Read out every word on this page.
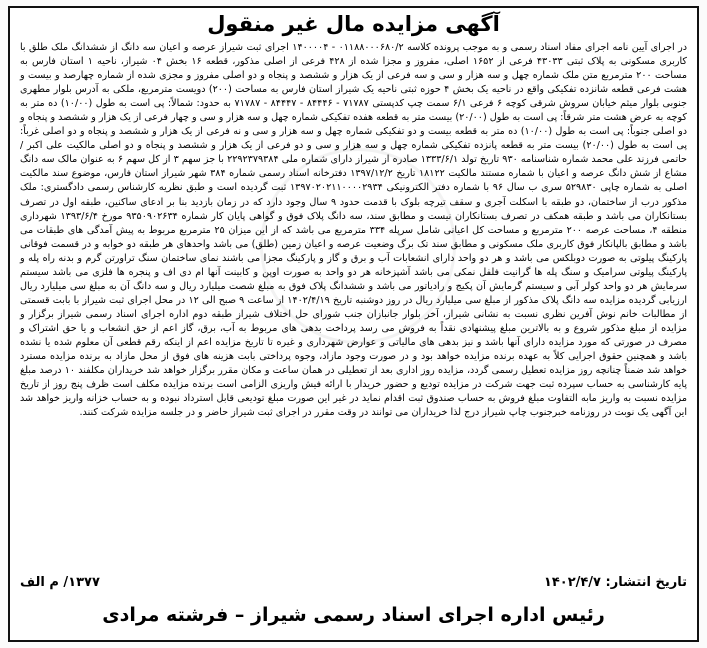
آگهی مزایده مال غیر منقول
در اجرای آیین نامه اجرای مفاد اسناد رسمی و به موجب پرونده کلاسه ۰۱۱۸۸۰۰۰۶۸۰/۲ - ۱۴۰۰۰۰۴ اجرای ثبت شیراز عرصه و اعیان سه دانگ از ششدانگ ملک طلق با کاربری مسکونی به پلاک ثبتی ۴۳۰۳۳ فرعی از ۱۶۵۲ اصلی، مفروز و مجزا شده از ۴۲۸ فرعی از اصلی مذکور، قطعه ۱۶ بخش ۰۴ شیراز، ناحیه ۱ استان فارس به مساحت ۲۰۰ مترمربع متن ملک شماره چهل و سه هزار و سی و سه فرعی از یک هزار و ششصد و پنجاه و دو اصلی مفروز و مجزی شده از شماره چهارصد و بیست و هشت فرعی قطعه شانزده تفکیکی واقع در ناحیه یک بخش ۴ حوزه ثبتی ناحیه یک شیراز استان فارس به مساحت (۲۰۰) دویست مترمربع، ملکی به آدرس بلوار مطهری جنوبی بلوار میثم خیابان سروش شرقی کوچه ۶ فرعی ۶/۱ سمت چپ کدپستی ۷۱۷۸۷ - ۸۴۴۴۶ - ۸۴۴۴۷ - ۷۱۷۸۷ به حدود: شمالاً: پی است به طول (۱۰/۰۰) ده متر به کوچه به عرض هشت متر شرقاً: پی است به طول (۲۰/۰۰) بیست متر به قطعه هفده تفکیکی شماره چهل و سه هزار و سی و چهار فرعی از یک هزار و ششصد و پنجاه و دو اصلی جنوباً: پی است به طول (۱۰/۰۰) ده متر به قطعه بیست و دو تفکیکی شماره چهل و سه هزار و سی و نه فرعی از یک هزار و ششصد و پنجاه و دو اصلی غرباً: پی است به طول (۲۰/۰۰) بیست متر به قطعه پانزده تفکیکی شماره چهل و سه هزار و سی و دو فرعی از یک هزار و ششصد و پنجاه و دو اصلی مالکیت علی اکبر / حاتمی فرزند علی محمد شماره شناسنامه ۹۳۰ تاریخ تولد ۱۳۳۳/۶/۱ صادره از شیراز دارای شماره ملی ۲۲۹۲۳۷۹۳۸۴ با جز سهم ۳ از کل سهم ۶ به عنوان مالک سه دانگ مشاع از شش دانگ عرصه و اعیان با شماره مستند مالکیت ۱۸۱۲۲ تاریخ ۱۳۹۷/۱۲/۲ دفترخانه اسناد رسمی شماره ۳۸۴ شهر شیراز استان فارس، موضوع سند مالکیت اصلی به شماره چاپی ۵۲۹۸۳۰ سری ب سال ۹۶ با شماره دفتر الکترونیکی ۱۳۹۷۰۲۰۲۱۱۰۰۰۰۲۹۳۴ ثبت گردیده است و طبق نظریه کارشناس رسمی دادگستری: ملک مذکور درب از ساختمان، دو طبقه با اسکلت آجری و سقف تیرچه بلوک با قدمت حدود ۹ سال وجود دارد که در زمان بازدید بنا بر ادعای ساکنین، طبقه اول در تصرف بستانکاران می باشد و طبقه همکف در تصرف بستانکاران نیست و مطابق سند، سه دانگ پلاک فوق و گواهی پایان کار شماره ۹۳۵۰۹۰۲۶۳۴ مورخ ۱۳۹۳/۶/۴ شهرداری منطقه ۴، مساحت عرصه ۲۰۰ مترمربع و مساحت کل اعیانی شامل سرپله ۳۳۴ مترمربع می باشد که از این میزان ۲۵ مترمربع مربوط به پیش آمدگی های طبقات می باشد و مطابق بالپانکار فوق کاربری ملک مسکونی و مطابق سند تک برگ وضعیت عرصه و اعیان زمین (طلق) می باشد واحدهای هر طبقه دو خوابه و در قسمت فوقانی پارکینگ پیلوتی به صورت دوبلکس می باشد و هر دو واحد دارای انشعابات آب و برق و گاز و پارکینگ مجزا می باشند نمای ساختمان سنگ تراورتن گرم و بدنه راه پله و پارکینگ پیلوتی سرامیک و سنگ پله ها گرانیت فلفل نمکی می باشد آشپزخانه هر دو واحد به صورت اوپن و کابینت آنها ام دی اف و پنجره ها فلزی می باشد سیستم سرمایش هر دو واحد کولر آبی و سیستم گرمایش آن پکیج و رادیاتور می باشد و ششدانگ پلاک فوق به مبلغ شصت میلیارد ریال و سه دانگ آن به مبلغ سی میلیارد ریال ارزیابی گردیده مزایده سه دانگ پلاک مذکور از مبلغ سی میلیارد ریال در روز دوشنبه تاریخ ۱۴۰۲/۴/۱۹ از ساعت ۹ صبح الی ۱۲ در محل اجرای ثبت شیراز با بابت قسمتی از مطالبات خانم نوش آفرین نظری نسبت به نشانی شیراز، آخر بلوار جانبازان جنب شورای حل اختلاف شیراز طبقه دوم اداره اجرای اسناد رسمی شیراز برگزار و مزایده از مبلغ مذکور شروع و به بالاترین مبلغ پیشنهادی نقداً به فروش می رسد پرداخت بدهی های مربوط به آب، برق، گاز اعم از حق انشعاب و یا حق اشتراک و مصرف در صورتی که مورد مزایده دارای آنها باشد و نیز بدهی های مالیاتی و عوارض شهرداری و غیره تا تاریخ مزایده اعم از اینکه رقم قطعی آن معلوم شده یا نشده باشد و همچنین حقوق اجرایی کلاً به عهده برنده مزایده خواهد بود و در صورت وجود مازاد، وجوه پرداختی بابت هزینه های فوق از محل مازاد به برنده مزایده مسترد خواهد شد ضمناً چنانچه روز مزایده تعطیل رسمی گردد، مزایده روز اداری بعد از تعطیلی در همان ساعت و مکان مقرر برگزار خواهد شد خریداران مکلفند ۱۰ درصد مبلغ پایه کارشناسی به حساب سپرده ثبت جهت شرکت در مزایده تودیع و حضور خریدار با ارائه فیش واریزی الزامی است برنده مزایده مکلف است ظرف پنج روز از تاریخ مزایده نسبت به واریز مابه التفاوت مبلغ فروش به حساب صندوق ثبت اقدام نماید در غیر این صورت مبلغ تودیعی قابل استرداد نبوده و به حساب خزانه واریز خواهد شد این آگهی یک نوبت در روزنامه خبرجنوب چاپ شیراز درج لذا خریداران می توانند در وقت مقرر در اجرای ثبت شیراز حاضر و در جلسه مزایده شرکت کنند.
تاریخ انتشار: ۱۴۰۲/۴/۷
۱۳۷۷/ م الف
رئیس اداره اجرای اسناد رسمی شیراز – فرشته مرادی
